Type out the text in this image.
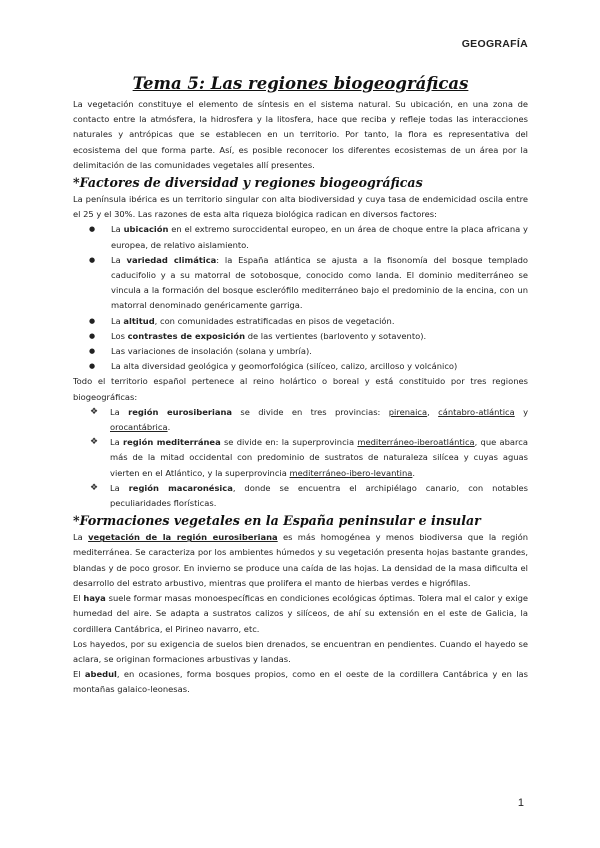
GEOGRAFÍA
Tema 5: Las regiones biogeográficas

La vegetación constituye el elemento de síntesis en el sistema natural. Su ubicación, en una zona de contacto entre la atmósfera, la hidrosfera y la litosfera, hace que reciba y refleje todas las interacciones naturales y antrópicas que se establecen en un territorio. Por tanto, la flora es representativa del ecosistema del que forma parte. Así, es posible reconocer los diferentes ecosistemas de un área por la delimitación de las comunidades vegetales allí presentes.

*Factores de diversidad y regiones biogeográficas

La península ibérica es un territorio singular con alta biodiversidad y cuya tasa de endemicidad oscila entre el 25 y el 30%. Las razones de esta alta riqueza biológica radican en diversos factores:

● La ubicación en el extremo suroccidental europeo, en un área de choque entre la placa africana y europea, de relativo aislamiento.
● La variedad climática: la España atlántica se ajusta a la fisonomía del bosque templado caducifolio y a su matorral de sotobosque, conocido como landa. El dominio mediterráneo se vincula a la formación del bosque esclerófilo mediterráneo bajo el predominio de la encina, con un matorral denominado genéricamente garriga.
● La altitud, con comunidades estratificadas en pisos de vegetación.
● Los contrastes de exposición de las vertientes (barlovento y sotavento).
● Las variaciones de insolación (solana y umbría).
● La alta diversidad geológica y geomorfológica (silíceo, calizo, arcilloso y volcánico)

Todo el territorio español pertenece al reino holártico o boreal y está constituido por tres regiones biogeográficas:

❖ La región eurosiberiana se divide en tres provincias: pirenaica, cántabro-atlántica y orocantábrica.
❖ La región mediterránea se divide en: la superprovincia mediterráneo-iberoatlántica, que abarca más de la mitad occidental con predominio de sustratos de naturaleza silícea y cuyas aguas vierten en el Atlántico, y la superprovincia mediterráneo-ibero-levantina.
❖ La región macaronésica, donde se encuentra el archipiélago canario, con notables peculiaridades florísticas.
*Formaciones vegetales en la España peninsular e insular

La vegetación de la región eurosiberiana es más homogénea y menos biodiversa que la región mediterránea. Se caracteriza por los ambientes húmedos y su vegetación presenta hojas bastante grandes, blandas y de poco grosor. En invierno se produce una caída de las hojas. La densidad de la masa dificulta el desarrollo del estrato arbustivo, mientras que prolifera el manto de hierbas verdes e higrófilas.

El haya suele formar masas monoespecíficas en condiciones ecológicas óptimas. Tolera mal el calor y exige humedad del aire. Se adapta a sustratos calizos y silíceos, de ahí su extensión en el este de Galicia, la cordillera Cantábrica, el Pirineo navarro, etc.

Los hayedos, por su exigencia de suelos bien drenados, se encuentran en pendientes. Cuando el hayedo se aclara, se originan formaciones arbustivas y landas.

El abedul, en ocasiones, forma bosques propios, como en el oeste de la cordillera Cantábrica y en las montañas galaico-leonesas.

1
